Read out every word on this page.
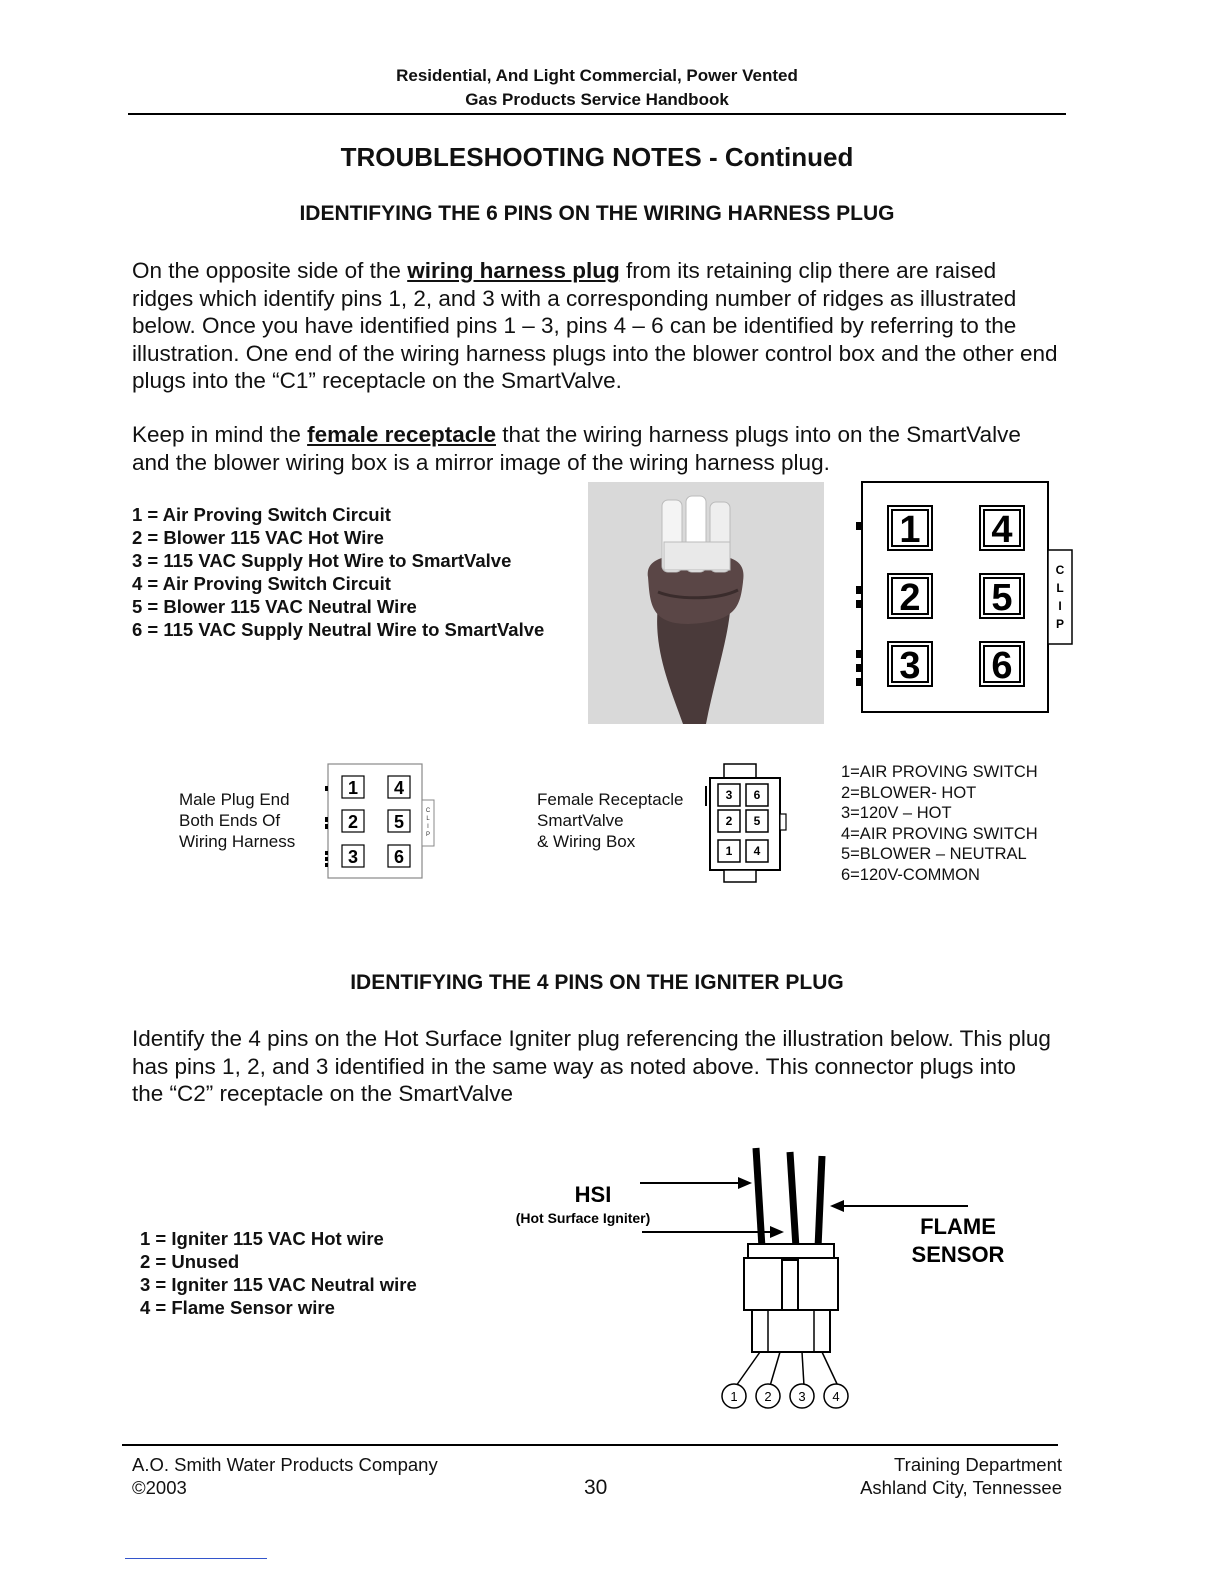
Residential, And Light Commercial, Power Vented
Gas Products Service Handbook
TROUBLESHOOTING NOTES - Continued
IDENTIFYING THE 6 PINS ON THE WIRING HARNESS PLUG
On the opposite side of the wiring harness plug from its retaining clip there are raised ridges which identify pins 1, 2, and 3 with a corresponding number of ridges as illustrated below. Once you have identified pins 1 – 3, pins 4 – 6 can be identified by referring to the illustration. One end of the wiring harness plugs into the blower control box and the other end plugs into the “C1” receptacle on the SmartValve.
Keep in mind the female receptacle that the wiring harness plugs into on the SmartValve and the blower wiring box is a mirror image of the wiring harness plug.
1 = Air Proving Switch Circuit
2 = Blower 115 VAC Hot Wire
3 = 115 VAC Supply Hot Wire to SmartValve
4 = Air Proving Switch Circuit
5 = Blower 115 VAC Neutral Wire
6 = 115 VAC Supply Neutral Wire to SmartValve
C
L
I
P
1 4
2 5
3 6
Male Plug End
Both Ends Of
Wiring Harness
C
L
I
P
1 4
2 5
3 6
Female Receptacle
SmartValve
& Wiring Box
3 6
2 5
1 4
1=AIR PROVING SWITCH
2=BLOWER- HOT
3=120V – HOT
4=AIR PROVING SWITCH
5=BLOWER – NEUTRAL
6=120V-COMMON
IDENTIFYING THE 4 PINS ON THE IGNITER PLUG
Identify the 4 pins on the Hot Surface Igniter plug referencing the illustration below. This plug has pins 1, 2, and 3 identified in the same way as noted above. This connector plugs into the “C2” receptacle on the SmartValve
1 = Igniter 115 VAC Hot wire
2 = Unused
3 = Igniter 115 VAC Neutral wire
4 = Flame Sensor wire
HSI
(Hot Surface Igniter)	FLAME
SENSOR
1 2 3 4
A.O. Smith Water Products Company
©2003	30
Training Department
Ashland City, Tennessee
